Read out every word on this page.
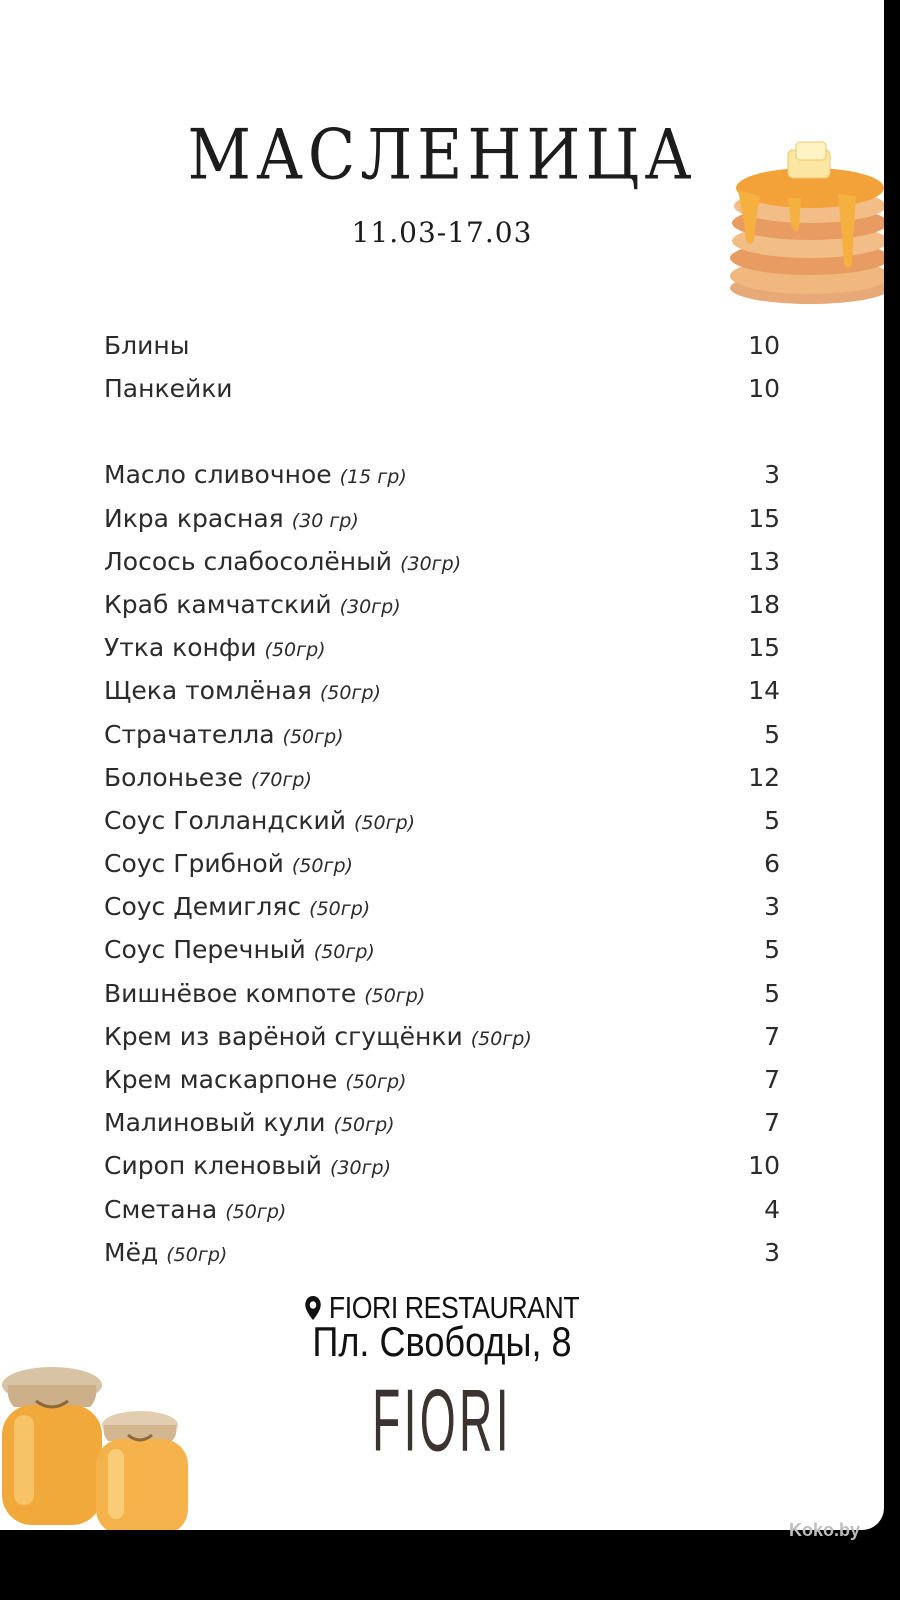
МАСЛЕНИЦА
11.03-17.03
Блины	10
Панкейки	10
Масло сливочное (15 гр)	3
Икра красная (30 гр)	15
Лосось слабосолёный (30гр)	13
Краб камчатский (30гр)	18
Утка конфи (50гр)	15
Щека томлёная (50гр)	14
Страчателла (50гр)	5
Болоньезе (70гр)	12
Соус Голландский (50гр)	5
Соус Грибной (50гр)	6
Соус Демигляс (50гр)	3
Соус Перечный (50гр)	5
Вишнёвое компоте (50гр)	5
Крем из варёной сгущёнки (50гр)	7
Крем маскарпоне (50гр)	7
Малиновый кули (50гр)	7
Сироп кленовый (30гр)	10
Сметана (50гр)	4
Мёд (50гр)	3
FIORI RESTAURANT
Пл. Свободы, 8
FIORI
Koko.by
